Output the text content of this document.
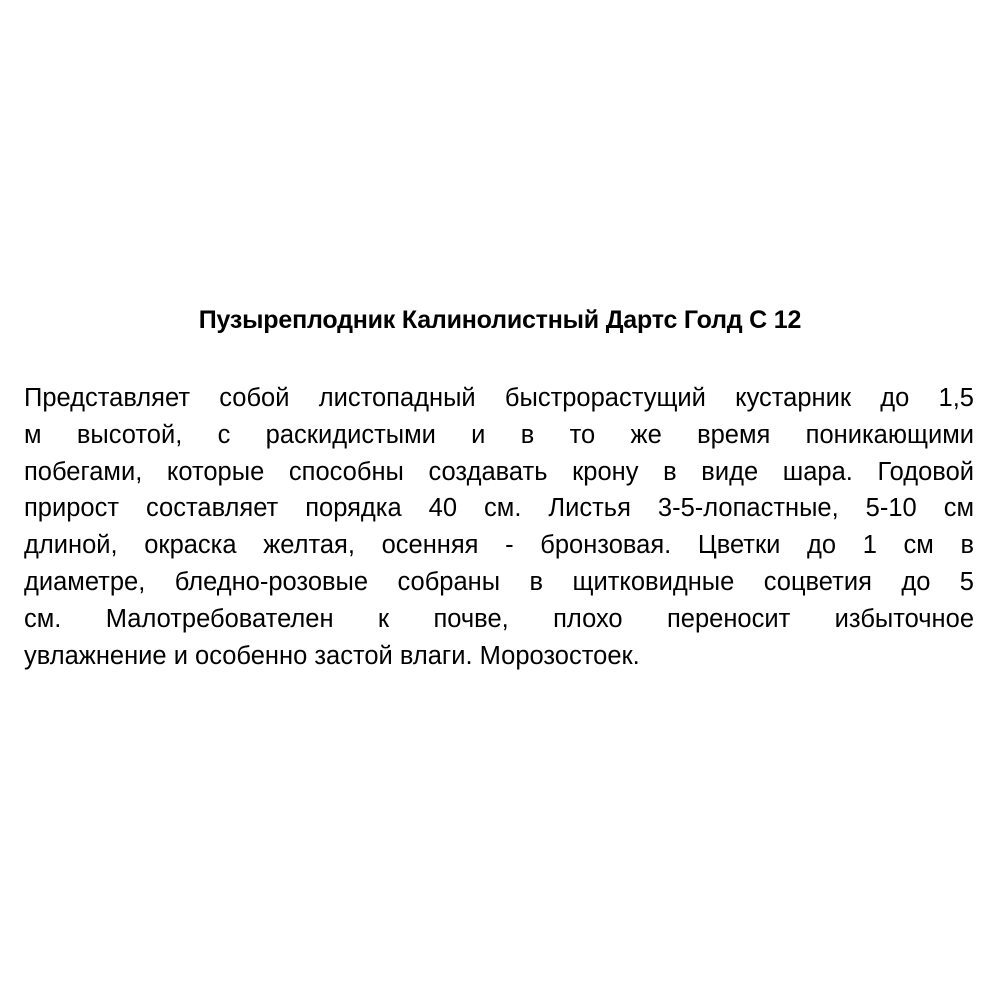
Пузыреплодник Калинолистный Дартс Голд С 12
Представляет собой листопадный быстрорастущий кустарник до 1,5
м высотой, с раскидистыми и в то же время поникающими
побегами, которые способны создавать крону в виде шара. Годовой
прирост составляет порядка 40 см. Листья 3-5-лопастные, 5-10 см
длиной, окраска желтая, осенняя - бронзовая. Цветки до 1 см в
диаметре, бледно-розовые собраны в щитковидные соцветия до 5
см. Малотребователен к почве, плохо переносит избыточное
увлажнение и особенно застой влаги. Морозостоек.
